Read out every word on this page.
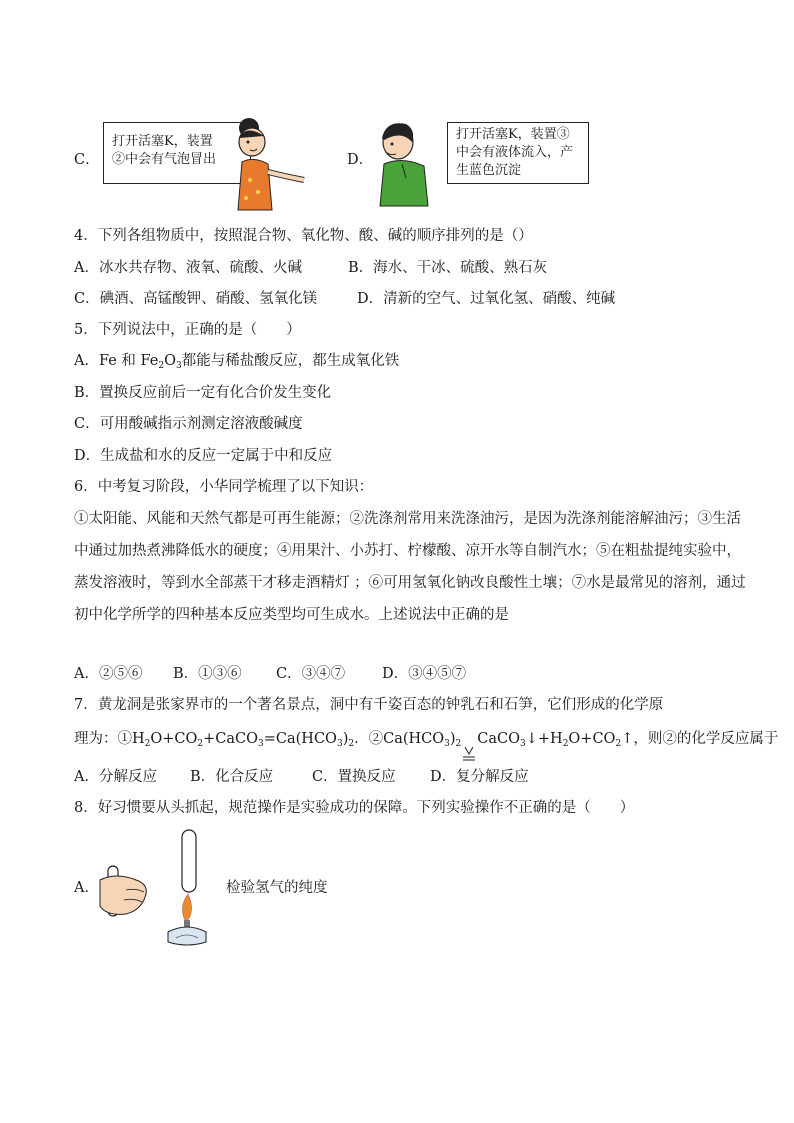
C．
打开活塞K，装置
②中会有气泡冒出	D．
打开活塞K，装置③
中会有液体流入，产
生蓝色沉淀
4．下列各组物质中，按照混合物、氧化物、酸、碱的顺序排列的是（）
A．冰水共存物、液氧、硫酸、火碱	B．海水、干冰、硫酸、熟石灰
C．碘酒、高锰酸钾、硝酸、氢氧化镁	D．清新的空气、过氧化氢、硝酸、纯碱
5．下列说法中，正确的是（　　）
A．Fe 和 $Fe_2O_3$都能与稀盐酸反应，都生成氧化铁
B．置换反应前后一定有化合价发生变化
C．可用酸碱指示剂测定溶液酸碱度
D．生成盐和水的反应一定属于中和反应
6．中考复习阶段，小华同学梳理了以下知识：
①太阳能、风能和天然气都是可再生能源；②洗涤剂常用来洗涤油污，是因为洗涤剂能溶解油污；③生活中通过加热煮沸降低水的硬度；④用果汁、小苏打、柠檬酸、凉开水等自制汽水；⑤在粗盐提纯实验中，蒸发溶液时，等到水全部蒸干才移走酒精灯 ；⑥可用氢氧化钠改良酸性土壤；⑦水是最常见的溶剂，通过初中化学所学的四种基本反应类型均可生成水。上述说法中正确的是
A．②⑤⑥ B．①③⑥ C．③④⑦	D．③④⑤⑦
7．黄龙洞是张家界市的一个著名景点，洞中有千姿百态的钟乳石和石笋，它们形成的化学原
理为：$①H_2O+CO_2+CaCO_3=Ca(HCO_3)_2$．$②Ca(HCO_3)_2$ $CaCO_3↓+H_2O+CO_2↑$，则②的化学反应属于
A．分解反应 B．化合反应	C．置换反应 D．复分解反应
8．好习惯要从头抓起，规范操作是实验成功的保障。下列实验操作不正确的是（　　）
A．	检验氢气的纯度
